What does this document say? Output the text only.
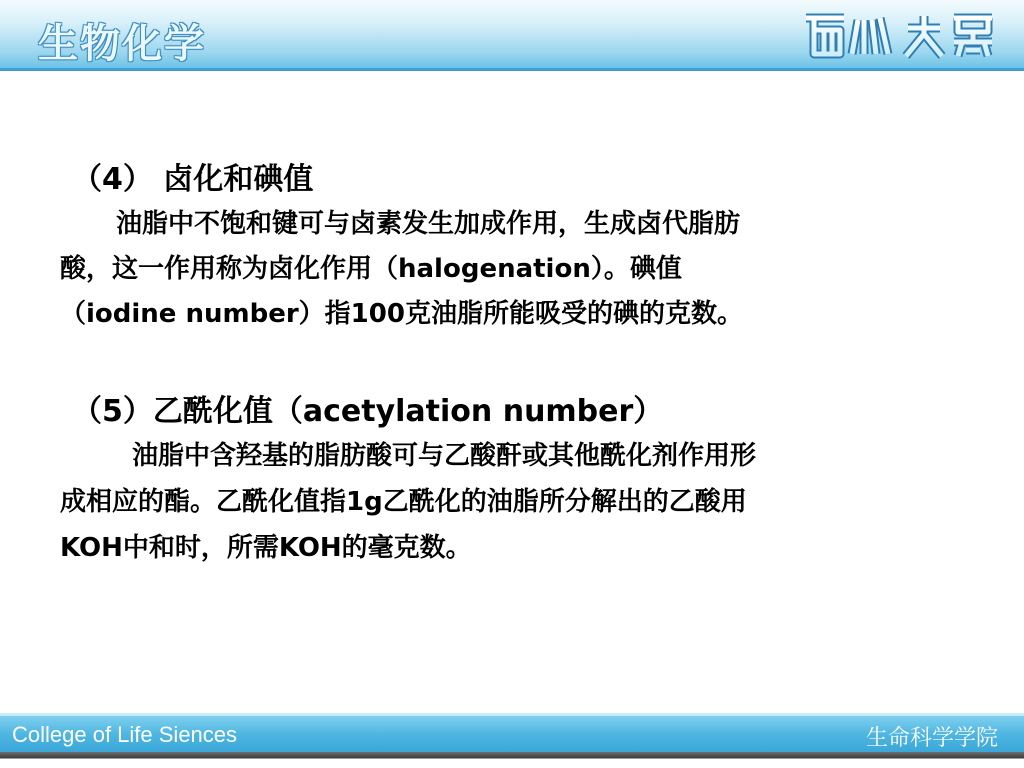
生物化学
（4） 卤化和碘值
油脂中不饱和键可与卤素发生加成作用，生成卤代脂肪
酸，这一作用称为卤化作用（halogenation）。碘值
（iodine number）指100克油脂所能吸受的碘的克数。
（5）乙酰化值（acetylation number）
油脂中含羟基的脂肪酸可与乙酸酐或其他酰化剂作用形
成相应的酯。乙酰化值指1g乙酰化的油脂所分解出的乙酸用
KOH中和时，所需KOH的毫克数。
College of Life Siences	生命科学学院
